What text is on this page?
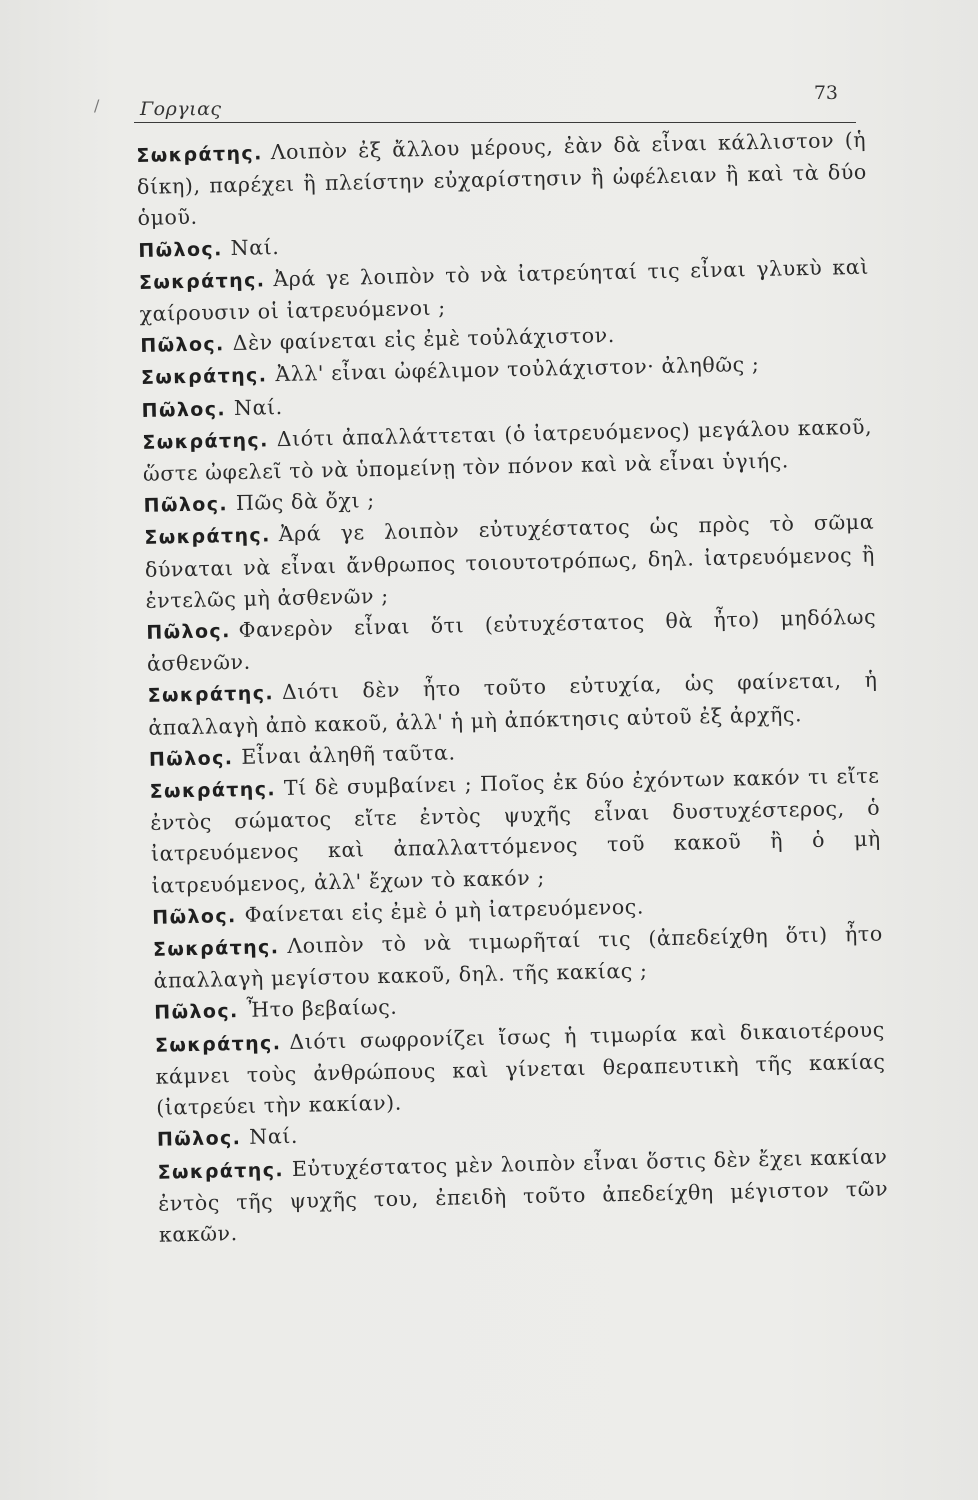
/ Γοργιας
73

Σωκράτης. Λοιπὸν ἐξ ἄλλου μέρους, ἐὰν δὰ εἶναι κάλλιστον (ἡ δίκη), παρέχει ἢ πλείστην εὐχαρίστησιν ἢ ὠφέλειαν ἢ καὶ τὰ δύο ὁμοῦ.

Πῶλος. Ναί.

Σωκράτης. Ἀρά γε λοιπὸν τὸ νὰ ἰατρεύηταί τις εἶναι γλυκὺ καὶ χαίρουσιν οἱ ἰατρευόμενοι ;

Πῶλος. Δὲν φαίνεται εἰς ἐμὲ τοὐλάχιστον.

Σωκράτης. Ἀλλ' εἶναι ὠφέλιμον τοὐλάχιστον· ἀληθῶς ;

Πῶλος. Ναί.

Σωκράτης. Διότι ἀπαλλάττεται (ὁ ἰατρευόμενος) μεγάλου κακοῦ, ὥστε ὠφελεῖ τὸ νὰ ὑπομείνῃ τὸν πόνον καὶ νὰ εἶναι ὑγιής.

Πῶλος. Πῶς δὰ ὄχι ;

Σωκράτης. Ἀρά γε λοιπὸν εὐτυχέστατος ὡς πρὸς τὸ σῶμα δύναται νὰ εἶναι ἄνθρωπος τοιουτοτρόπως, δηλ. ἰατρευόμενος ἢ ἐντελῶς μὴ ἀσθενῶν ;

Πῶλος. Φανερὸν εἶναι ὅτι (εὐτυχέστατος θὰ ἦτο) μηδόλως ἀσθενῶν.

Σωκράτης. Διότι δὲν ἦτο τοῦτο εὐτυχία, ὡς φαίνεται, ἡ ἀπαλλαγὴ ἀπὸ κακοῦ, ἀλλ' ἡ μὴ ἀπόκτησις αὐτοῦ ἐξ ἀρχῆς.

Πῶλος. Εἶναι ἀληθῆ ταῦτα.

Σωκράτης. Τί δὲ συμβαίνει ; Ποῖος ἐκ δύο ἐχόντων κακόν τι εἴτε ἐντὸς σώματος εἴτε ἐντὸς ψυχῆς εἶναι δυστυχέστερος, ὁ ἰατρευόμενος καὶ ἀπαλλαττόμενος τοῦ κακοῦ ἢ ὁ μὴ ἰατρευόμενος, ἀλλ' ἔχων τὸ κακόν ;

Πῶλος. Φαίνεται εἰς ἐμὲ ὁ μὴ ἰατρευόμενος.

Σωκράτης. Λοιπὸν τὸ νὰ τιμωρῆταί τις (ἀπεδείχθη ὅτι) ἦτο ἀπαλλαγὴ μεγίστου κακοῦ, δηλ. τῆς κακίας ;

Πῶλος. Ἦτο βεβαίως.

Σωκράτης. Διότι σωφρονίζει ἴσως ἡ τιμωρία καὶ δικαιοτέρους κάμνει τοὺς ἀνθρώπους καὶ γίνεται θεραπευτικὴ τῆς κακίας (ἰατρεύει τὴν κακίαν).

Πῶλος. Ναί.

Σωκράτης. Εὐτυχέστατος μὲν λοιπὸν εἶναι ὅστις δὲν ἔχει κακίαν ἐντὸς τῆς ψυχῆς του, ἐπειδὴ τοῦτο ἀπεδείχθη μέγιστον τῶν κακῶν.
